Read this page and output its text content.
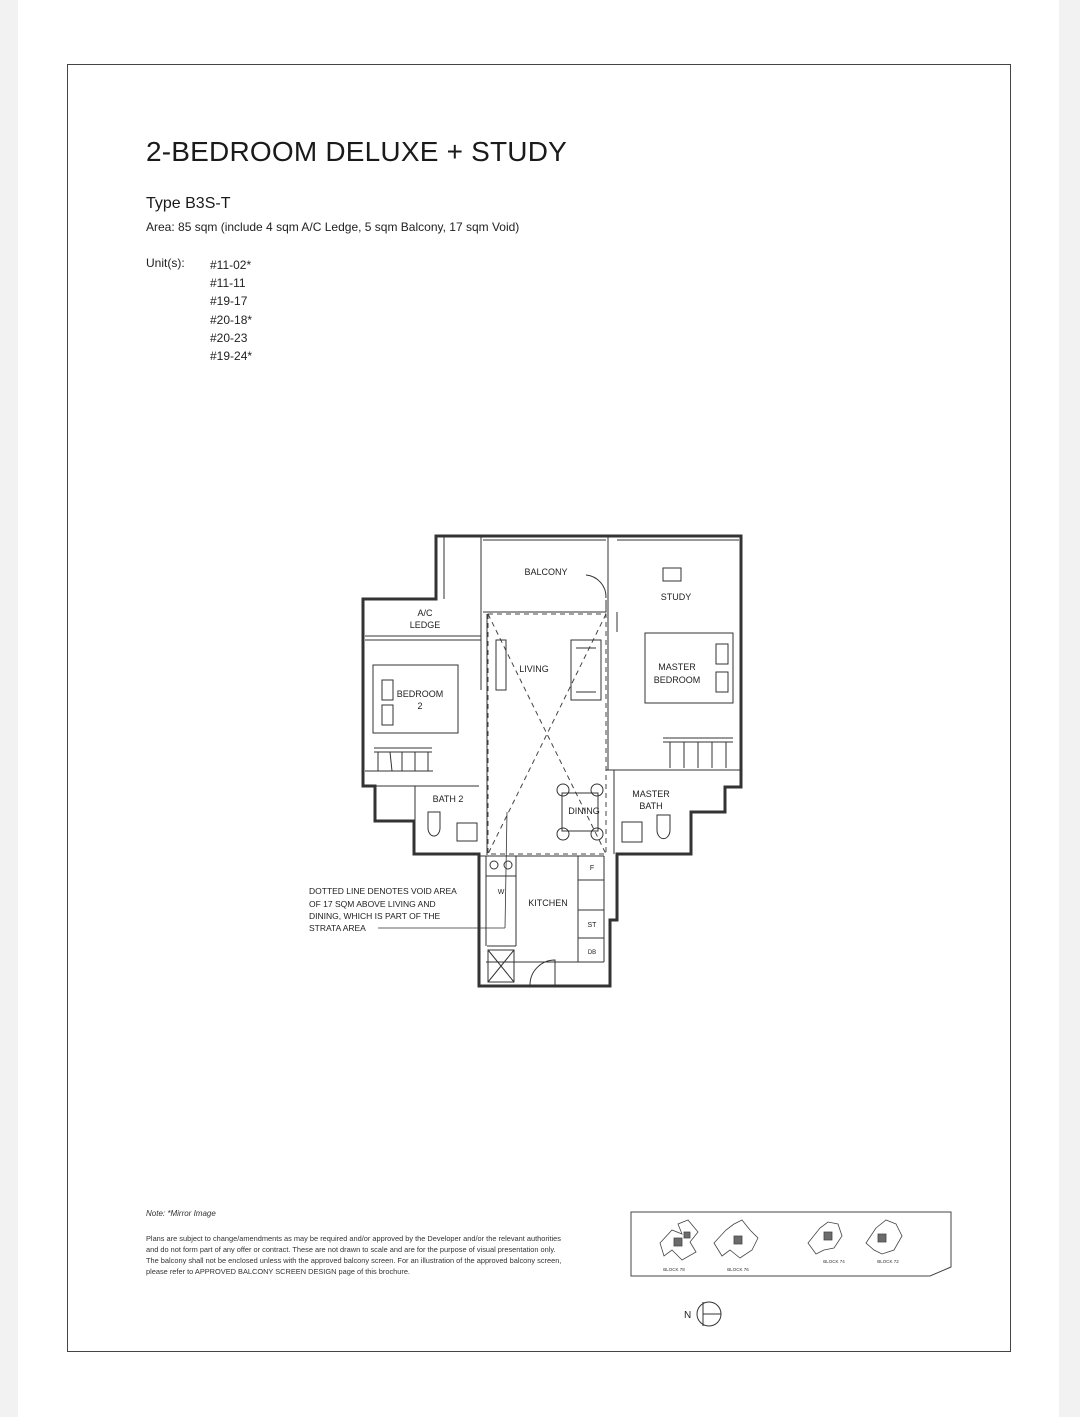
2-BEDROOM DELUXE + STUDY
Type B3S-T
Area: 85 sqm (include 4 sqm A/C Ledge, 5 sqm Balcony, 17 sqm Void)
Unit(s): #11-02*
#11-11
#19-17
#20-18*
#20-23
#19-24*
BALCONY
STUDY
A/C
LEDGE
LIVING	MASTER
BEDROOM
BEDROOM
2
BATH 2
DINING
MASTER
BATH
KITCHEN
F
ST
DB
W
DOTTED LINE DENOTES VOID AREA
OF 17 SQM ABOVE LIVING AND
DINING, WHICH IS PART OF THE
STRATA AREA
Note: *Mirror Image

Plans are subject to change/amendments as may be required and/or approved by the Developer and/or the relevant authorities

and do not form part of any offer or contract. These are not drawn to scale and are for the purpose of visual presentation only.

The balcony shall not be enclosed unless with the approved balcony screen. For an illustration of the approved balcony screen,

please refer to APPROVED BALCONY SCREEN DESIGN page of this brochure.	BLOCK 78	BLOCK 76
BLOCK 74	BLOCK 72
N
